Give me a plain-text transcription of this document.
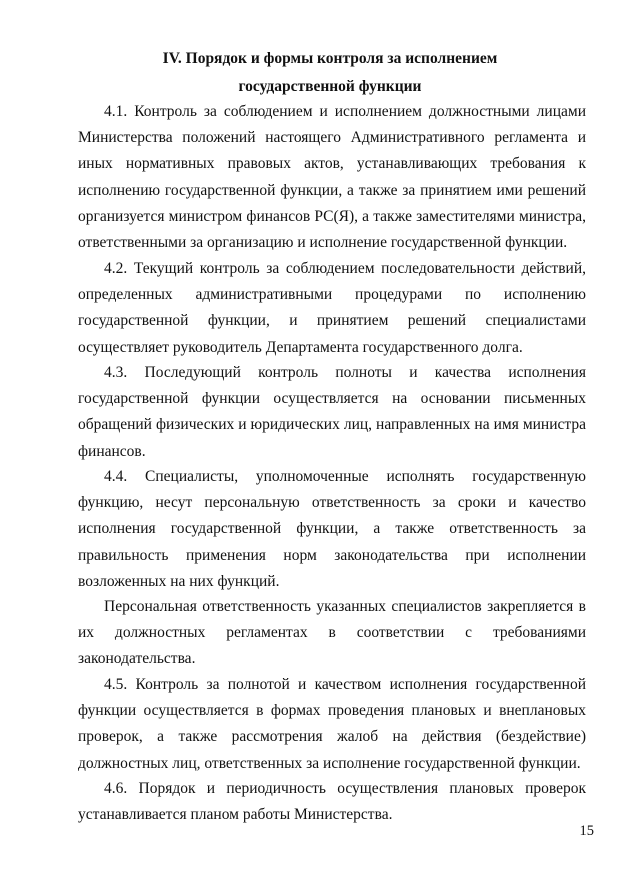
IV. Порядок и формы контроля за исполнением
государственной функции

4.1. Контроль за соблюдением и исполнением должностными лицами Министерства положений настоящего Административного регламента и иных нормативных правовых актов, устанавливающих требования к исполнению государственной функции, а также за принятием ими решений организуется министром финансов РС(Я), а также заместителями министра, ответственными за организацию и исполнение государственной функции.

4.2. Текущий контроль за соблюдением последовательности действий, определенных административными процедурами по исполнению государственной функции, и принятием решений специалистами осуществляет руководитель Департамента государственного долга.

4.3. Последующий контроль полноты и качества исполнения государственной функции осуществляется на основании письменных обращений физических и юридических лиц, направленных на имя министра финансов.

4.4. Специалисты, уполномоченные исполнять государственную функцию, несут персональную ответственность за сроки и качество исполнения государственной функции, а также ответственность за правильность применения норм законодательства при исполнении возложенных на них функций.

Персональная ответственность указанных специалистов закрепляется в их должностных регламентах в соответствии с требованиями законодательства.

4.5. Контроль за полнотой и качеством исполнения государственной функции осуществляется в формах проведения плановых и внеплановых проверок, а также рассмотрения жалоб на действия (бездействие) должностных лиц, ответственных за исполнение государственной функции.

4.6. Порядок и периодичность осуществления плановых проверок устанавливается планом работы Министерства.

15
